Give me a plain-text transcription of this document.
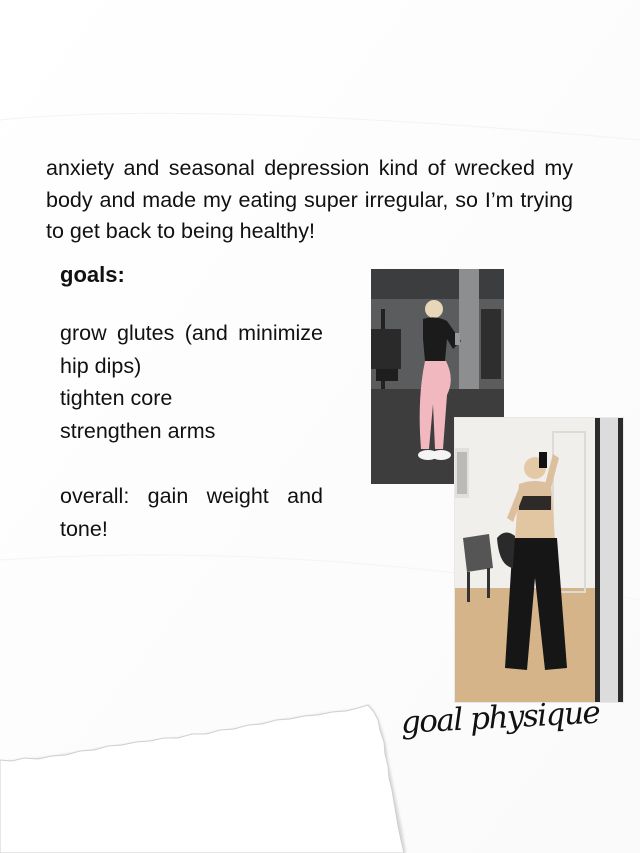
anxiety and seasonal depression kind of wrecked my body and made my eating super irregular, so I’m trying to get back to being healthy!

goals:

grow glutes (and minimize hip dips)
tighten core
strengthen arms

overall: gain weight and tone!

goal physique
